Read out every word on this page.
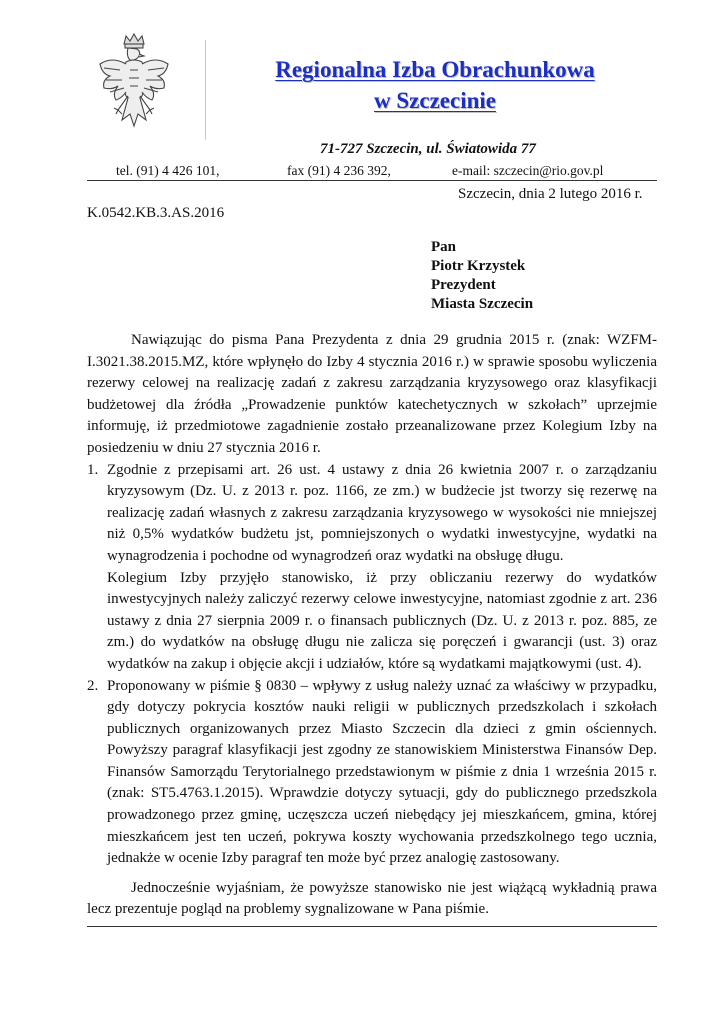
Regionalna Izba Obrachunkowa
w Szczecinie
71-727 Szczecin, ul. Światowida 77
tel. (91) 4 426 101,	fax (91) 4 236 392,	e-mail: szczecin@rio.gov.pl
Szczecin, dnia 2 lutego 2016 r.
K.0542.KB.3.AS.2016
Pan
Piotr Krzystek
Prezydent
Miasta Szczecin

Nawiązując do pisma Pana Prezydenta z dnia 29 grudnia 2015 r. (znak: WZFM-I.3021.38.2015.MZ, które wpłynęło do Izby 4 stycznia 2016 r.) w sprawie sposobu wyliczenia rezerwy celowej na realizację zadań z zakresu zarządzania kryzysowego oraz klasyfikacji budżetowej dla źródła „Prowadzenie punktów katechetycznych w szkołach” uprzejmie informuję, iż przedmiotowe zagadnienie zostało przeanalizowane przez Kolegium Izby na posiedzeniu w dniu 27 stycznia 2016 r.

1. Zgodnie z przepisami art. 26 ust. 4 ustawy z dnia 26 kwietnia 2007 r. o zarządzaniu kryzysowym (Dz. U. z 2013 r. poz. 1166, ze zm.) w budżecie jst tworzy się rezerwę na realizację zadań własnych z zakresu zarządzania kryzysowego w wysokości nie mniejszej niż 0,5% wydatków budżetu jst, pomniejszonych o wydatki inwestycyjne, wydatki na wynagrodzenia i pochodne od wynagrodzeń oraz wydatki na obsługę długu.

Kolegium Izby przyjęło stanowisko, iż przy obliczaniu rezerwy do wydatków inwestycyjnych należy zaliczyć rezerwy celowe inwestycyjne, natomiast zgodnie z art. 236 ustawy z dnia 27 sierpnia 2009 r. o finansach publicznych (Dz. U. z 2013 r. poz. 885, ze zm.) do wydatków na obsługę długu nie zalicza się poręczeń i gwarancji (ust. 3) oraz wydatków na zakup i objęcie akcji i udziałów, które są wydatkami majątkowymi (ust. 4).

2. Proponowany w piśmie § 0830 – wpływy z usług należy uznać za właściwy w przypadku, gdy dotyczy pokrycia kosztów nauki religii w publicznych przedszkolach i szkołach publicznych organizowanych przez Miasto Szczecin dla dzieci z gmin ościennych. Powyższy paragraf klasyfikacji jest zgodny ze stanowiskiem Ministerstwa Finansów Dep. Finansów Samorządu Terytorialnego przedstawionym w piśmie z dnia 1 września 2015 r. (znak: ST5.4763.1.2015). Wprawdzie dotyczy sytuacji, gdy do publicznego przedszkola prowadzonego przez gminę, uczęszcza uczeń niebędący jej mieszkańcem, gmina, której mieszkańcem jest ten uczeń, pokrywa koszty wychowania przedszkolnego tego ucznia, jednakże w ocenie Izby paragraf ten może być przez analogię zastosowany.

Jednocześnie wyjaśniam, że powyższe stanowisko nie jest wiążącą wykładnią prawa lecz prezentuje pogląd na problemy sygnalizowane w Pana piśmie.
